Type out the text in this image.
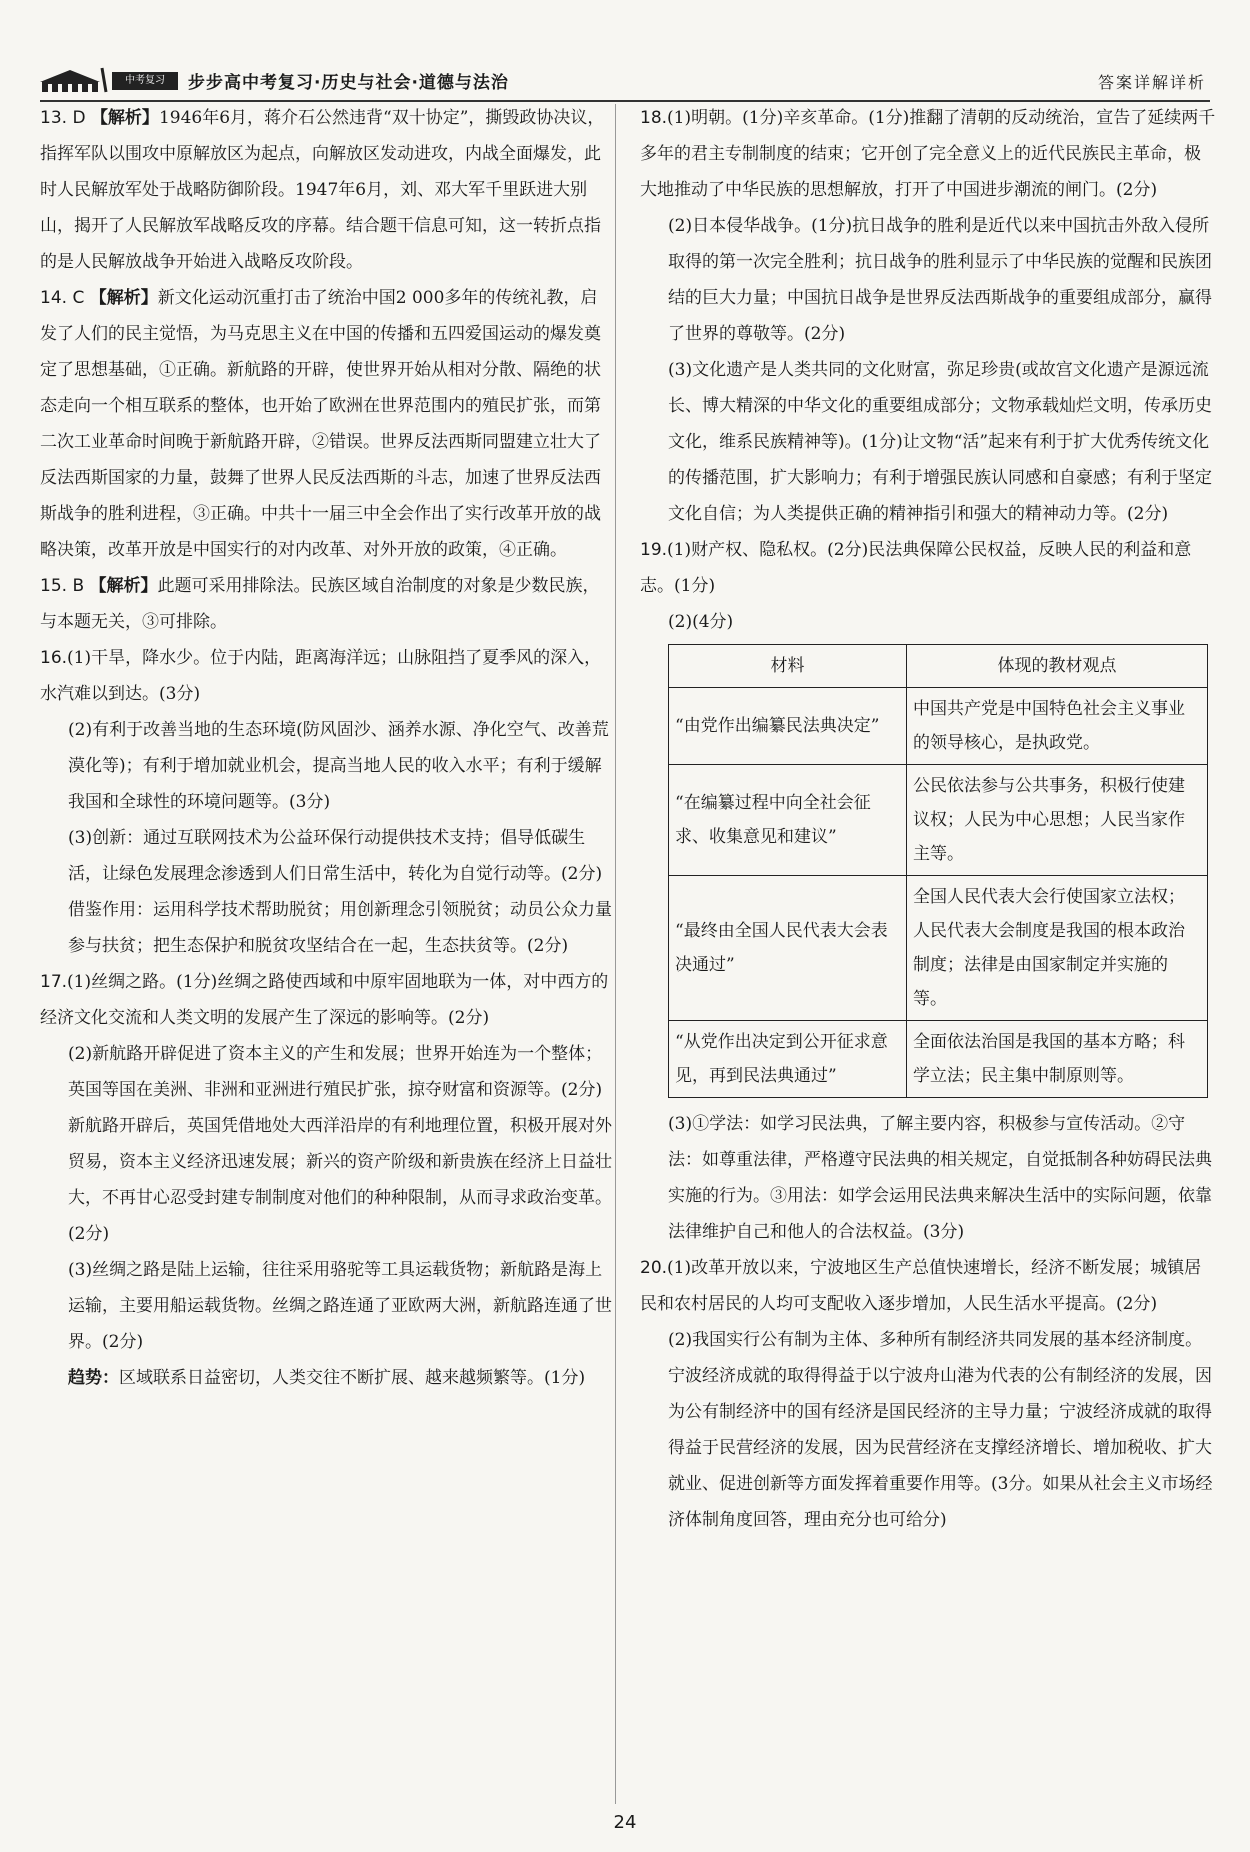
中考复习	步步高中考复习·历史与社会·道德与法治	答案详解详析

13. D 【解析】1946年6月，蒋介石公然违背“双十协定”，撕毁政协决议，指挥军队以围攻中原解放区为起点，向解放区发动进攻，内战全面爆发，此时人民解放军处于战略防御阶段。1947年6月，刘、邓大军千里跃进大别山，揭开了人民解放军战略反攻的序幕。结合题干信息可知，这一转折点指的是人民解放战争开始进入战略反攻阶段。

14. C 【解析】新文化运动沉重打击了统治中国2 000多年的传统礼教，启发了人们的民主觉悟，为马克思主义在中国的传播和五四爱国运动的爆发奠定了思想基础，①正确。新航路的开辟，使世界开始从相对分散、隔绝的状态走向一个相互联系的整体，也开始了欧洲在世界范围内的殖民扩张，而第二次工业革命时间晚于新航路开辟，②错误。世界反法西斯同盟建立壮大了反法西斯国家的力量，鼓舞了世界人民反法西斯的斗志，加速了世界反法西斯战争的胜利进程，③正确。中共十一届三中全会作出了实行改革开放的战略决策，改革开放是中国实行的对内改革、对外开放的政策，④正确。

15. B 【解析】此题可采用排除法。民族区域自治制度的对象是少数民族，与本题无关，③可排除。

16.(1)干旱，降水少。位于内陆，距离海洋远；山脉阻挡了夏季风的深入，水汽难以到达。(3分)
(2)有利于改善当地的生态环境(防风固沙、涵养水源、净化空气、改善荒漠化等)；有利于增加就业机会，提高当地人民的收入水平；有利于缓解我国和全球性的环境问题等。(3分)
(3)创新：通过互联网技术为公益环保行动提供技术支持；倡导低碳生活，让绿色发展理念渗透到人们日常生活中，转化为自觉行动等。(2分)借鉴作用：运用科学技术帮助脱贫；用创新理念引领脱贫；动员公众力量参与扶贫；把生态保护和脱贫攻坚结合在一起，生态扶贫等。(2分)
17.(1)丝绸之路。(1分)丝绸之路使西域和中原牢固地联为一体，对中西方的经济文化交流和人类文明的发展产生了深远的影响等。(2分)
(2)新航路开辟促进了资本主义的产生和发展；世界开始连为一个整体；英国等国在美洲、非洲和亚洲进行殖民扩张，掠夺财富和资源等。(2分)新航路开辟后，英国凭借地处大西洋沿岸的有利地理位置，积极开展对外贸易，资本主义经济迅速发展；新兴的资产阶级和新贵族在经济上日益壮大，不再甘心忍受封建专制制度对他们的种种限制，从而寻求政治变革。(2分)
(3)丝绸之路是陆上运输，往往采用骆驼等工具运载货物；新航路是海上运输，主要用船运载货物。丝绸之路连通了亚欧两大洲，新航路连通了世界。(2分)
趋势：区域联系日益密切，人类交往不断扩展、越来越频繁等。(1分)
18.(1)明朝。(1分)辛亥革命。(1分)推翻了清朝的反动统治，宣告了延续两千多年的君主专制制度的结束；它开创了完全意义上的近代民族民主革命，极大地推动了中华民族的思想解放，打开了中国进步潮流的闸门。(2分)
(2)日本侵华战争。(1分)抗日战争的胜利是近代以来中国抗击外敌入侵所取得的第一次完全胜利；抗日战争的胜利显示了中华民族的觉醒和民族团结的巨大力量；中国抗日战争是世界反法西斯战争的重要组成部分，赢得了世界的尊敬等。(2分)
(3)文化遗产是人类共同的文化财富，弥足珍贵(或故宫文化遗产是源远流长、博大精深的中华文化的重要组成部分；文物承载灿烂文明，传承历史文化，维系民族精神等)。(1分)让文物“活”起来有利于扩大优秀传统文化的传播范围，扩大影响力；有利于增强民族认同感和自豪感；有利于坚定文化自信；为人类提供正确的精神指引和强大的精神动力等。(2分)
19.(1)财产权、隐私权。(2分)民法典保障公民权益，反映人民的利益和意志。(1分)
(2)(4分)
材料	体现的教材观点
“由党作出编纂民法典决定”	中国共产党是中国特色社会主义事业的领导核心，是执政党。
“在编纂过程中向全社会征求、收集意见和建议”	公民依法参与公共事务，积极行使建议权；人民为中心思想；人民当家作主等。
“最终由全国人民代表大会表决通过”	全国人民代表大会行使国家立法权；人民代表大会制度是我国的根本政治制度；法律是由国家制定并实施的等。
“从党作出决定到公开征求意见，再到民法典通过”	全面依法治国是我国的基本方略；科学立法；民主集中制原则等。
(3)①学法：如学习民法典，了解主要内容，积极参与宣传活动。②守法：如尊重法律，严格遵守民法典的相关规定，自觉抵制各种妨碍民法典实施的行为。③用法：如学会运用民法典来解决生活中的实际问题，依靠法律维护自己和他人的合法权益。(3分)
20.(1)改革开放以来，宁波地区生产总值快速增长，经济不断发展；城镇居民和农村居民的人均可支配收入逐步增加，人民生活水平提高。(2分)
(2)我国实行公有制为主体、多种所有制经济共同发展的基本经济制度。宁波经济成就的取得得益于以宁波舟山港为代表的公有制经济的发展，因为公有制经济中的国有经济是国民经济的主导力量；宁波经济成就的取得得益于民营经济的发展，因为民营经济在支撑经济增长、增加税收、扩大就业、促进创新等方面发挥着重要作用等。(3分。如果从社会主义市场经济体制角度回答，理由充分也可给分)
24
